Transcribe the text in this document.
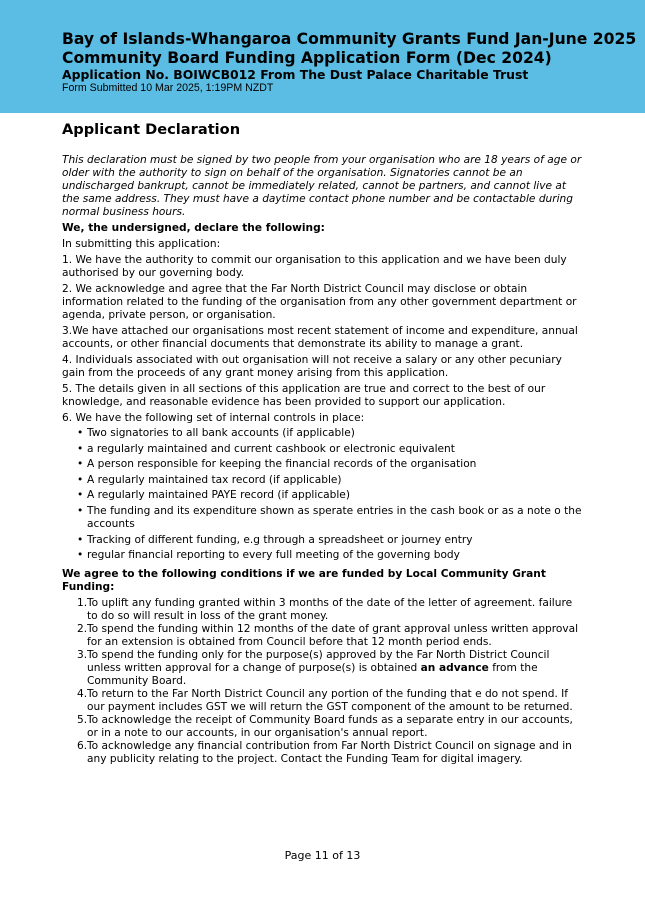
Bay of Islands-Whangaroa Community Grants Fund Jan-June 2025
Community Board Funding Application Form (Dec 2024)
Application No. BOIWCB012 From The Dust Palace Charitable Trust
Form Submitted 10 Mar 2025, 1:19PM NZDT
Applicant Declaration

This declaration must be signed by two people from your organisation who are 18 years of age or older with the authority to sign on behalf of the organisation. Signatories cannot be an undischarged bankrupt, cannot be immediately related, cannot be partners, and cannot live at the same address. They must have a daytime contact phone number and be contactable during normal business hours.

We, the undersigned, declare the following:

In submitting this application:

1. We have the authority to commit our organisation to this application and we have been duly authorised by our governing body.

2. We acknowledge and agree that the Far North District Council may disclose or obtain information related to the funding of the organisation from any other government department or agenda, private person, or organisation.

3.We have attached our organisations most recent statement of income and expenditure, annual accounts, or other financial documents that demonstrate its ability to manage a grant.

4. Individuals associated with out organisation will not receive a salary or any other pecuniary gain from the proceeds of any grant money arising from this application.

5. The details given in all sections of this application are true and correct to the best of our knowledge, and reasonable evidence has been provided to support our application.

6. We have the following set of internal controls in place:

• Two signatories to all bank accounts (if applicable)
• a regularly maintained and current cashbook or electronic equivalent
• A person responsible for keeping the financial records of the organisation
• A regularly maintained tax record (if applicable)
• A regularly maintained PAYE record (if applicable)
• The funding and its expenditure shown as sperate entries in the cash book or as a note o the accounts
• Tracking of different funding, e.g through a spreadsheet or journey entry
• regular financial reporting to every full meeting of the governing body

We agree to the following conditions if we are funded by Local Community Grant Funding:

1. To uplift any funding granted within 3 months of the date of the letter of agreement. failure to do so will result in loss of the grant money.
2. To spend the funding within 12 months of the date of grant approval unless written approval for an extension is obtained from Council before that 12 month period ends.
3. To spend the funding only for the purpose(s) approved by the Far North District Council unless written approval for a change of purpose(s) is obtained an advance from the Community Board.
4. To return to the Far North District Council any portion of the funding that e do not spend. If our payment includes GST we will return the GST component of the amount to be returned.
5. To acknowledge the receipt of Community Board funds as a separate entry in our accounts, or in a note to our accounts, in our organisation's annual report.
6. To acknowledge any financial contribution from Far North District Council on signage and in any publicity relating to the project. Contact the Funding Team for digital imagery.
Page 11 of 13
